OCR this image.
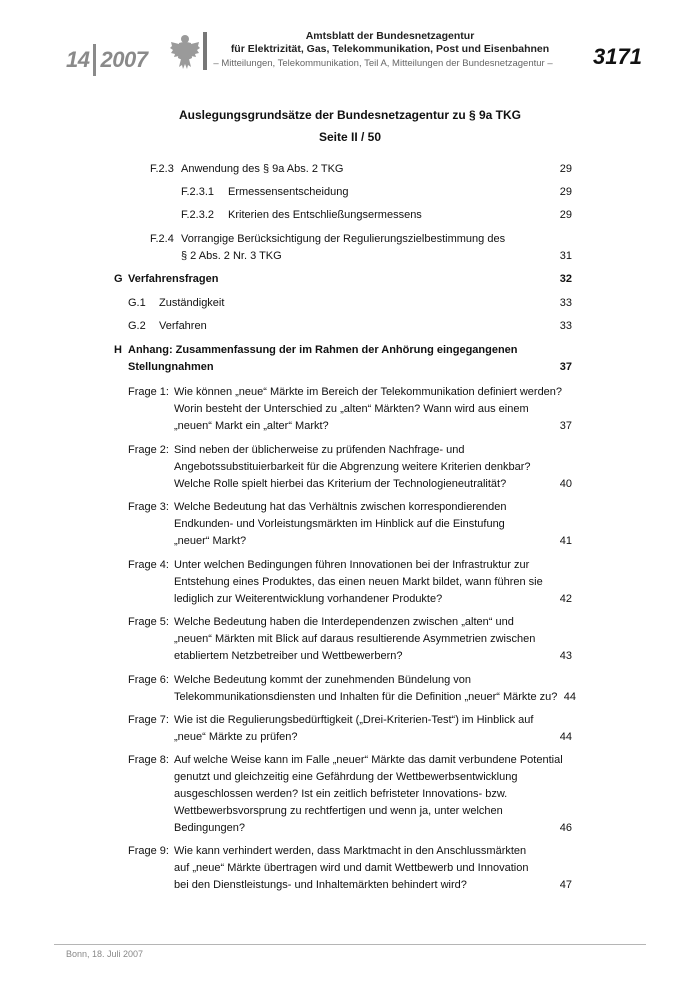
14 2007
Amtsblatt der Bundesnetzagentur
für Elektrizität, Gas, Telekommunikation, Post und Eisenbahnen
– Mitteilungen, Telekommunikation, Teil A, Mitteilungen der Bundesnetzagentur – 3171
Auslegungsgrundsätze der Bundesnetzagentur zu § 9a TKG
Seite II / 50
F.2.3 Anwendung des § 9a Abs. 2 TKG	29
F.2.3.1 Ermessensentscheidung	29
F.2.3.2 Kriterien des Entschließungsermessens	29
F.2.4 Vorrangige Berücksichtigung der Regulierungszielbestimmung des
§ 2 Abs. 2 Nr. 3 TKG	31
G Verfahrensfragen	32
G.1 Zuständigkeit	33
G.2 Verfahren	33
H Anhang: Zusammenfassung der im Rahmen der Anhörung eingegangenen
Stellungnahmen	37
Frage 1: Wie können „neue“ Märkte im Bereich der Telekommunikation definiert werden?
Worin besteht der Unterschied zu „alten“ Märkten? Wann wird aus einem
„neuen“ Markt ein „alter“ Markt?	37
Frage 2: Sind neben der üblicherweise zu prüfenden Nachfrage- und
Angebotssubstituierbarkeit für die Abgrenzung weitere Kriterien denkbar?
Welche Rolle spielt hierbei das Kriterium der Technologieneutralität?	40
Frage 3: Welche Bedeutung hat das Verhältnis zwischen korrespondierenden
Endkunden- und Vorleistungsmärkten im Hinblick auf die Einstufung
„neuer“ Markt?	41
Frage 4: Unter welchen Bedingungen führen Innovationen bei der Infrastruktur zur
Entstehung eines Produktes, das einen neuen Markt bildet, wann führen sie
lediglich zur Weiterentwicklung vorhandener Produkte?	42
Frage 5: Welche Bedeutung haben die Interdependenzen zwischen „alten“ und
„neuen“ Märkten mit Blick auf daraus resultierende Asymmetrien zwischen
etabliertem Netzbetreiber und Wettbewerbern?	43
Frage 6: Welche Bedeutung kommt der zunehmenden Bündelung von
Telekommunikationsdiensten und Inhalten für die Definition „neuer“ Märkte zu? 44
Frage 7: Wie ist die Regulierungsbedürftigkeit („Drei-Kriterien-Test“) im Hinblick auf
„neue“ Märkte zu prüfen?	44
Frage 8: Auf welche Weise kann im Falle „neuer“ Märkte das damit verbundene Potential
genutzt und gleichzeitig eine Gefährdung der Wettbewerbsentwicklung
ausgeschlossen werden? Ist ein zeitlich befristeter Innovations- bzw.
Wettbewerbsvorsprung zu rechtfertigen und wenn ja, unter welchen
Bedingungen?	46
Frage 9: Wie kann verhindert werden, dass Marktmacht in den Anschlussmärkten
auf „neue“ Märkte übertragen wird und damit Wettbewerb und Innovation
bei den Dienstleistungs- und Inhaltemärkten behindert wird?	47
Bonn, 18. Juli 2007
